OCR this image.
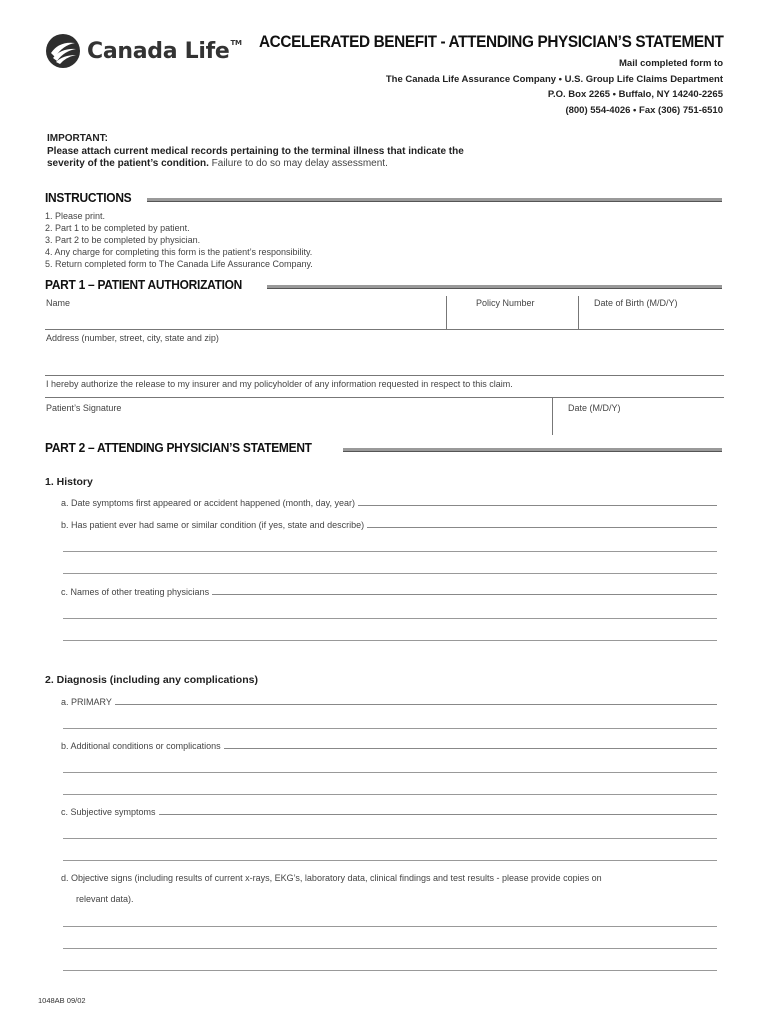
Canada Life™ ACCELERATED BENEFIT - ATTENDING PHYSICIAN’S STATEMENT
Mail completed form to
The Canada Life Assurance Company • U.S. Group Life Claims Department
P.O. Box 2265 • Buffalo, NY 14240-2265
(800) 554-4026 • Fax (306) 751-6510
IMPORTANT:
Please attach current medical records pertaining to the terminal illness that indicate the
severity of the patient’s condition. Failure to do so may delay assessment.
INSTRUCTIONS
1. Please print.
2. Part 1 to be completed by patient.
3. Part 2 to be completed by physician.
4. Any charge for completing this form is the patient’s responsibility.
5. Return completed form to The Canada Life Assurance Company.
PART 1 – PATIENT AUTHORIZATION
Name	Policy Number	Date of Birth (M/D/Y)
Address (number, street, city, state and zip)
I hereby authorize the release to my insurer and my policyholder of any information requested in respect to this claim.
Patient’s Signature	Date (M/D/Y)
PART 2 – ATTENDING PHYSICIAN’S STATEMENT
1. History
a. Date symptoms first appeared or accident happened (month, day, year)
b. Has patient ever had same or similar condition (if yes, state and describe)
c. Names of other treating physicians
2. Diagnosis (including any complications)
a. PRIMARY
b. Additional conditions or complications
c. Subjective symptoms
d. Objective signs (including results of current x-rays, EKG’s, laboratory data, clinical findings and test results - please provide copies on
relevant data).
1048AB 09/02
